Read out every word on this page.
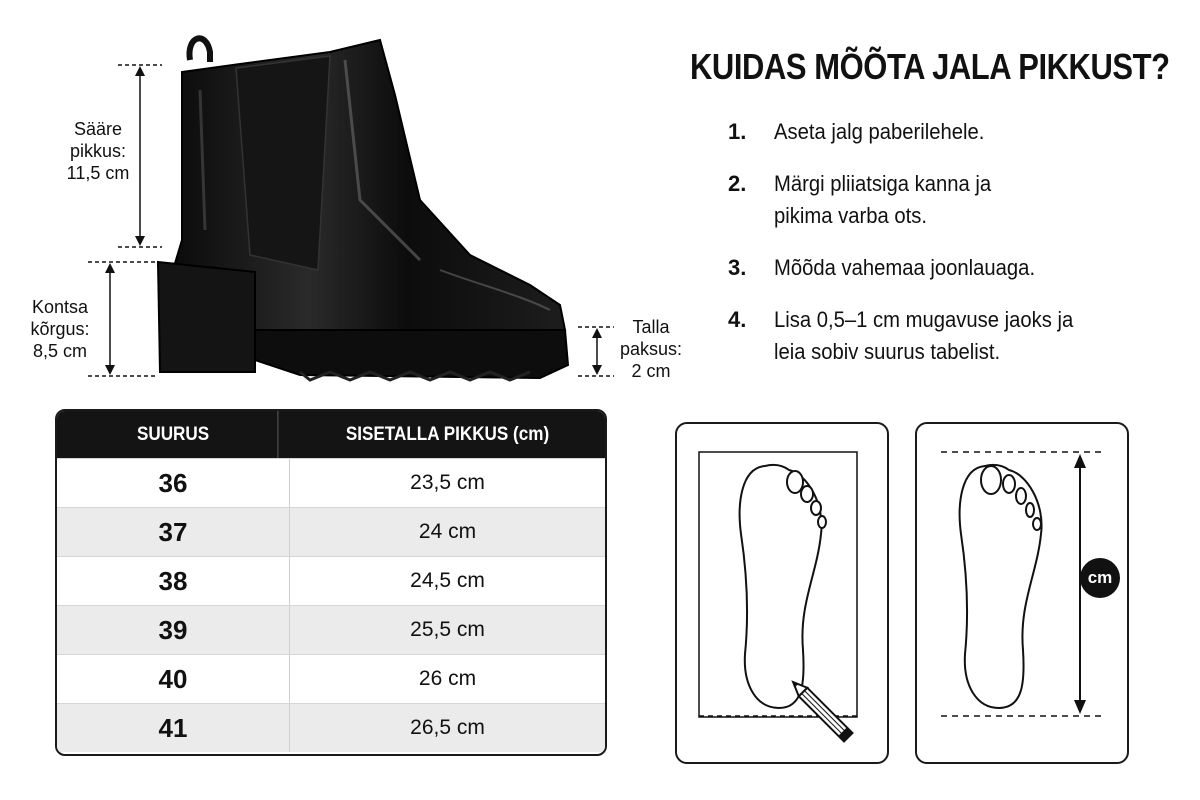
Sääre
pikkus:
11,5 cm
Kontsa
kõrgus:
8,5 cm
Talla
paksus:
2 cm
KUIDAS MÕÕTA JALA PIKKUST?
1.	Aseta jalg paberilehele.
2.	Märgi pliiatsiga kanna ja pikima varba ots.
3.	Mõõda vahemaa joonlauaga.
4.	Lisa 0,5–1 cm mugavuse jaoks ja leia sobiv suurus tabelist.
SUURUS	SISETALLA PIKKUS (cm)
36	23,5 cm
37	24 cm
38	24,5 cm
39	25,5 cm
40	26 cm
41	26,5 cm
cm
